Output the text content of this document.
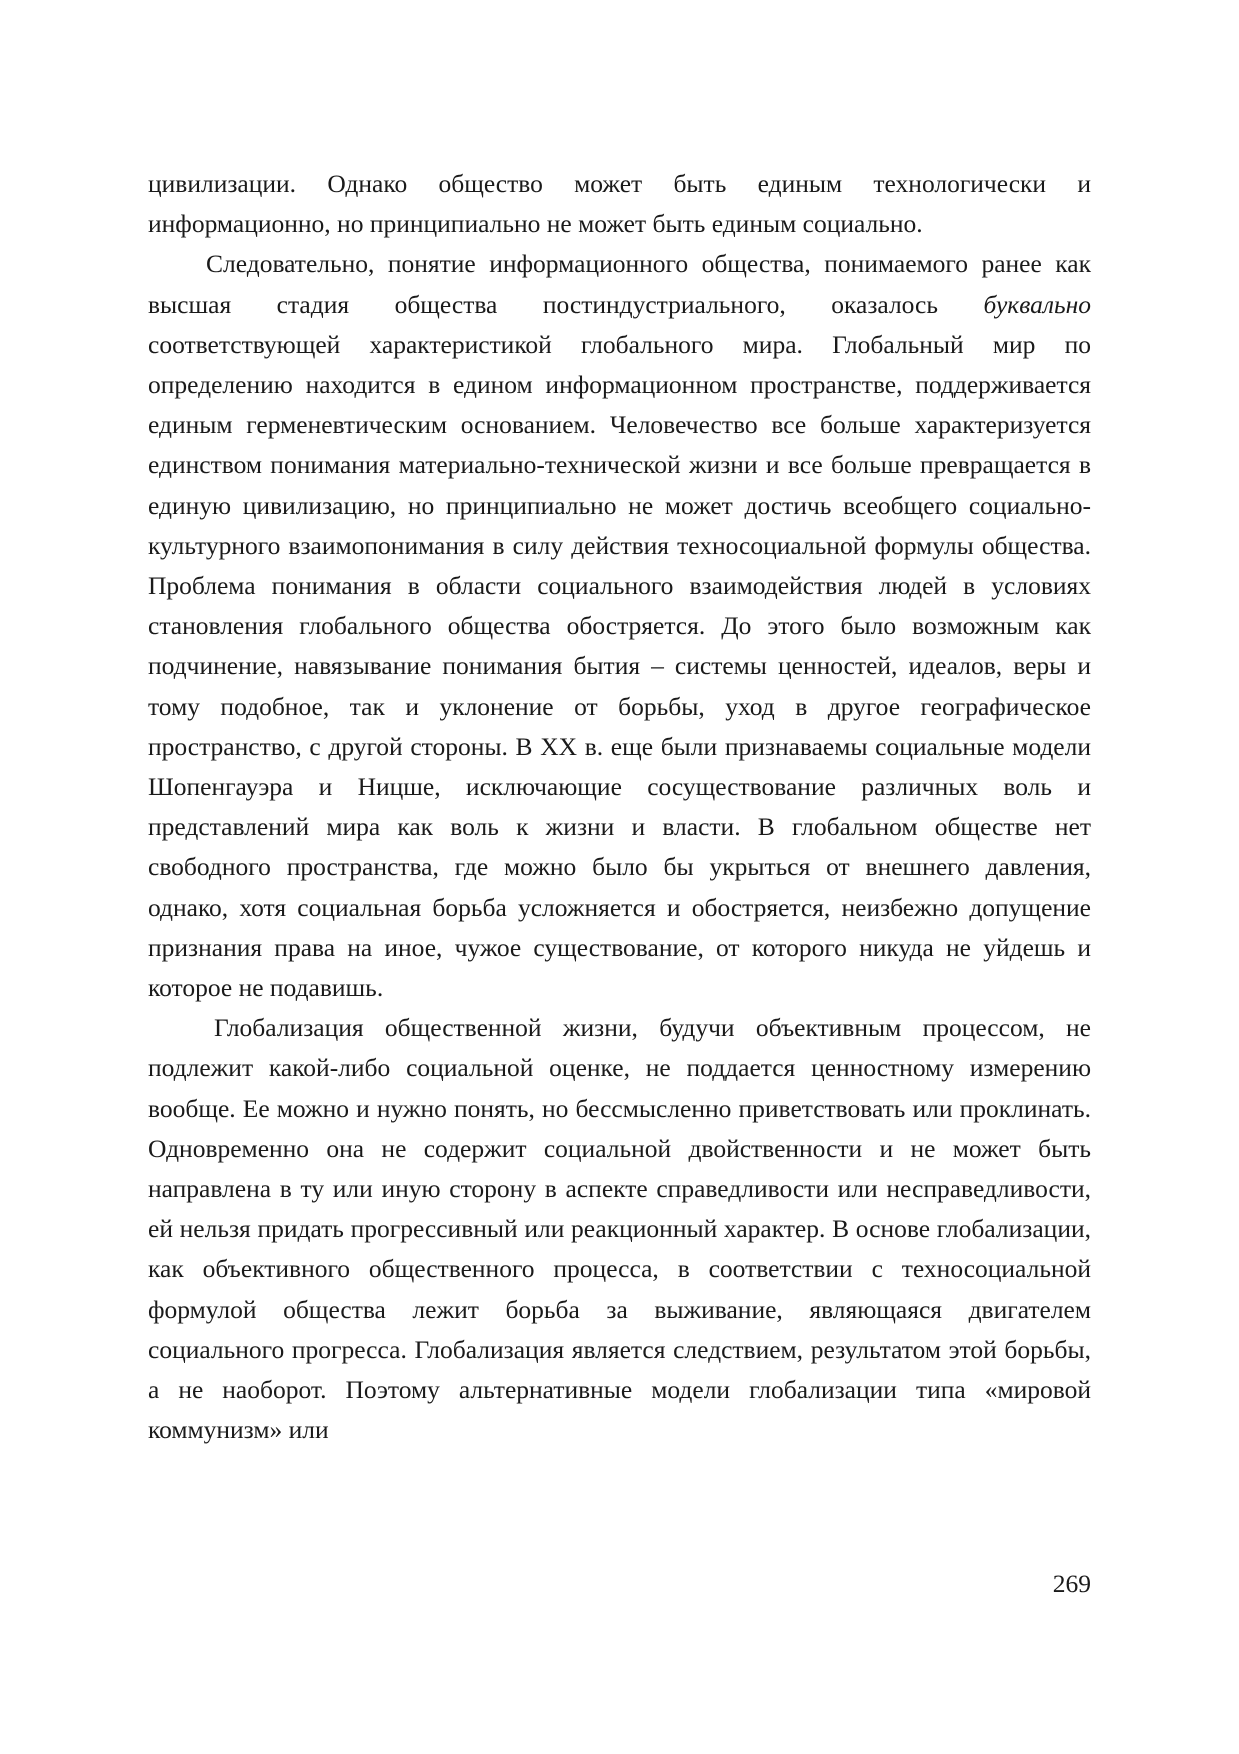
цивилизации. Однако общество может быть единым технологически и информационно, но принципиально не может быть единым социально.

Следовательно, понятие информационного общества, понимаемого ранее как высшая стадия общества постиндустриального, оказалось буквально соответствующей характеристикой глобального мира. Глобальный мир по определению находится в едином информационном пространстве, поддерживается единым герменевтическим основанием. Человечество все больше характеризуется единством понимания материально-технической жизни и все больше превращается в единую цивилизацию, но принципиально не может достичь всеобщего социально-культурного взаимопонимания в силу действия техносоциальной формулы общества. Проблема понимания в области социального взаимодействия людей в условиях становления глобального общества обостряется. До этого было возможным как подчинение, навязывание понимания бытия – системы ценностей, идеалов, веры и тому подобное, так и уклонение от борьбы, уход в другое географическое пространство, с другой стороны. В XX в. еще были признаваемы социальные модели Шопенгауэра и Ницше, исключающие сосуществование различных воль и представлений мира как воль к жизни и власти. В глобальном обществе нет свободного пространства, где можно было бы укрыться от внешнего давления, однако, хотя социальная борьба усложняется и обостряется, неизбежно допущение признания права на иное, чужое существование, от которого никуда не уйдешь и которое не подавишь.

Глобализация общественной жизни, будучи объективным процессом, не подлежит какой-либо социальной оценке, не поддается ценностному измерению вообще. Ее можно и нужно понять, но бессмысленно приветствовать или проклинать. Одновременно она не содержит социальной двойственности и не может быть направлена в ту или иную сторону в аспекте справедливости или несправедливости, ей нельзя придать прогрессивный или реакционный характер. В основе глобализации, как объективного общественного процесса, в соответствии с техносоциальной формулой общества лежит борьба за выживание, являющаяся двигателем социального прогресса. Глобализация является следствием, результатом этой борьбы, а не наоборот. Поэтому альтернативные модели глобализации типа «мировой коммунизм» или

269
